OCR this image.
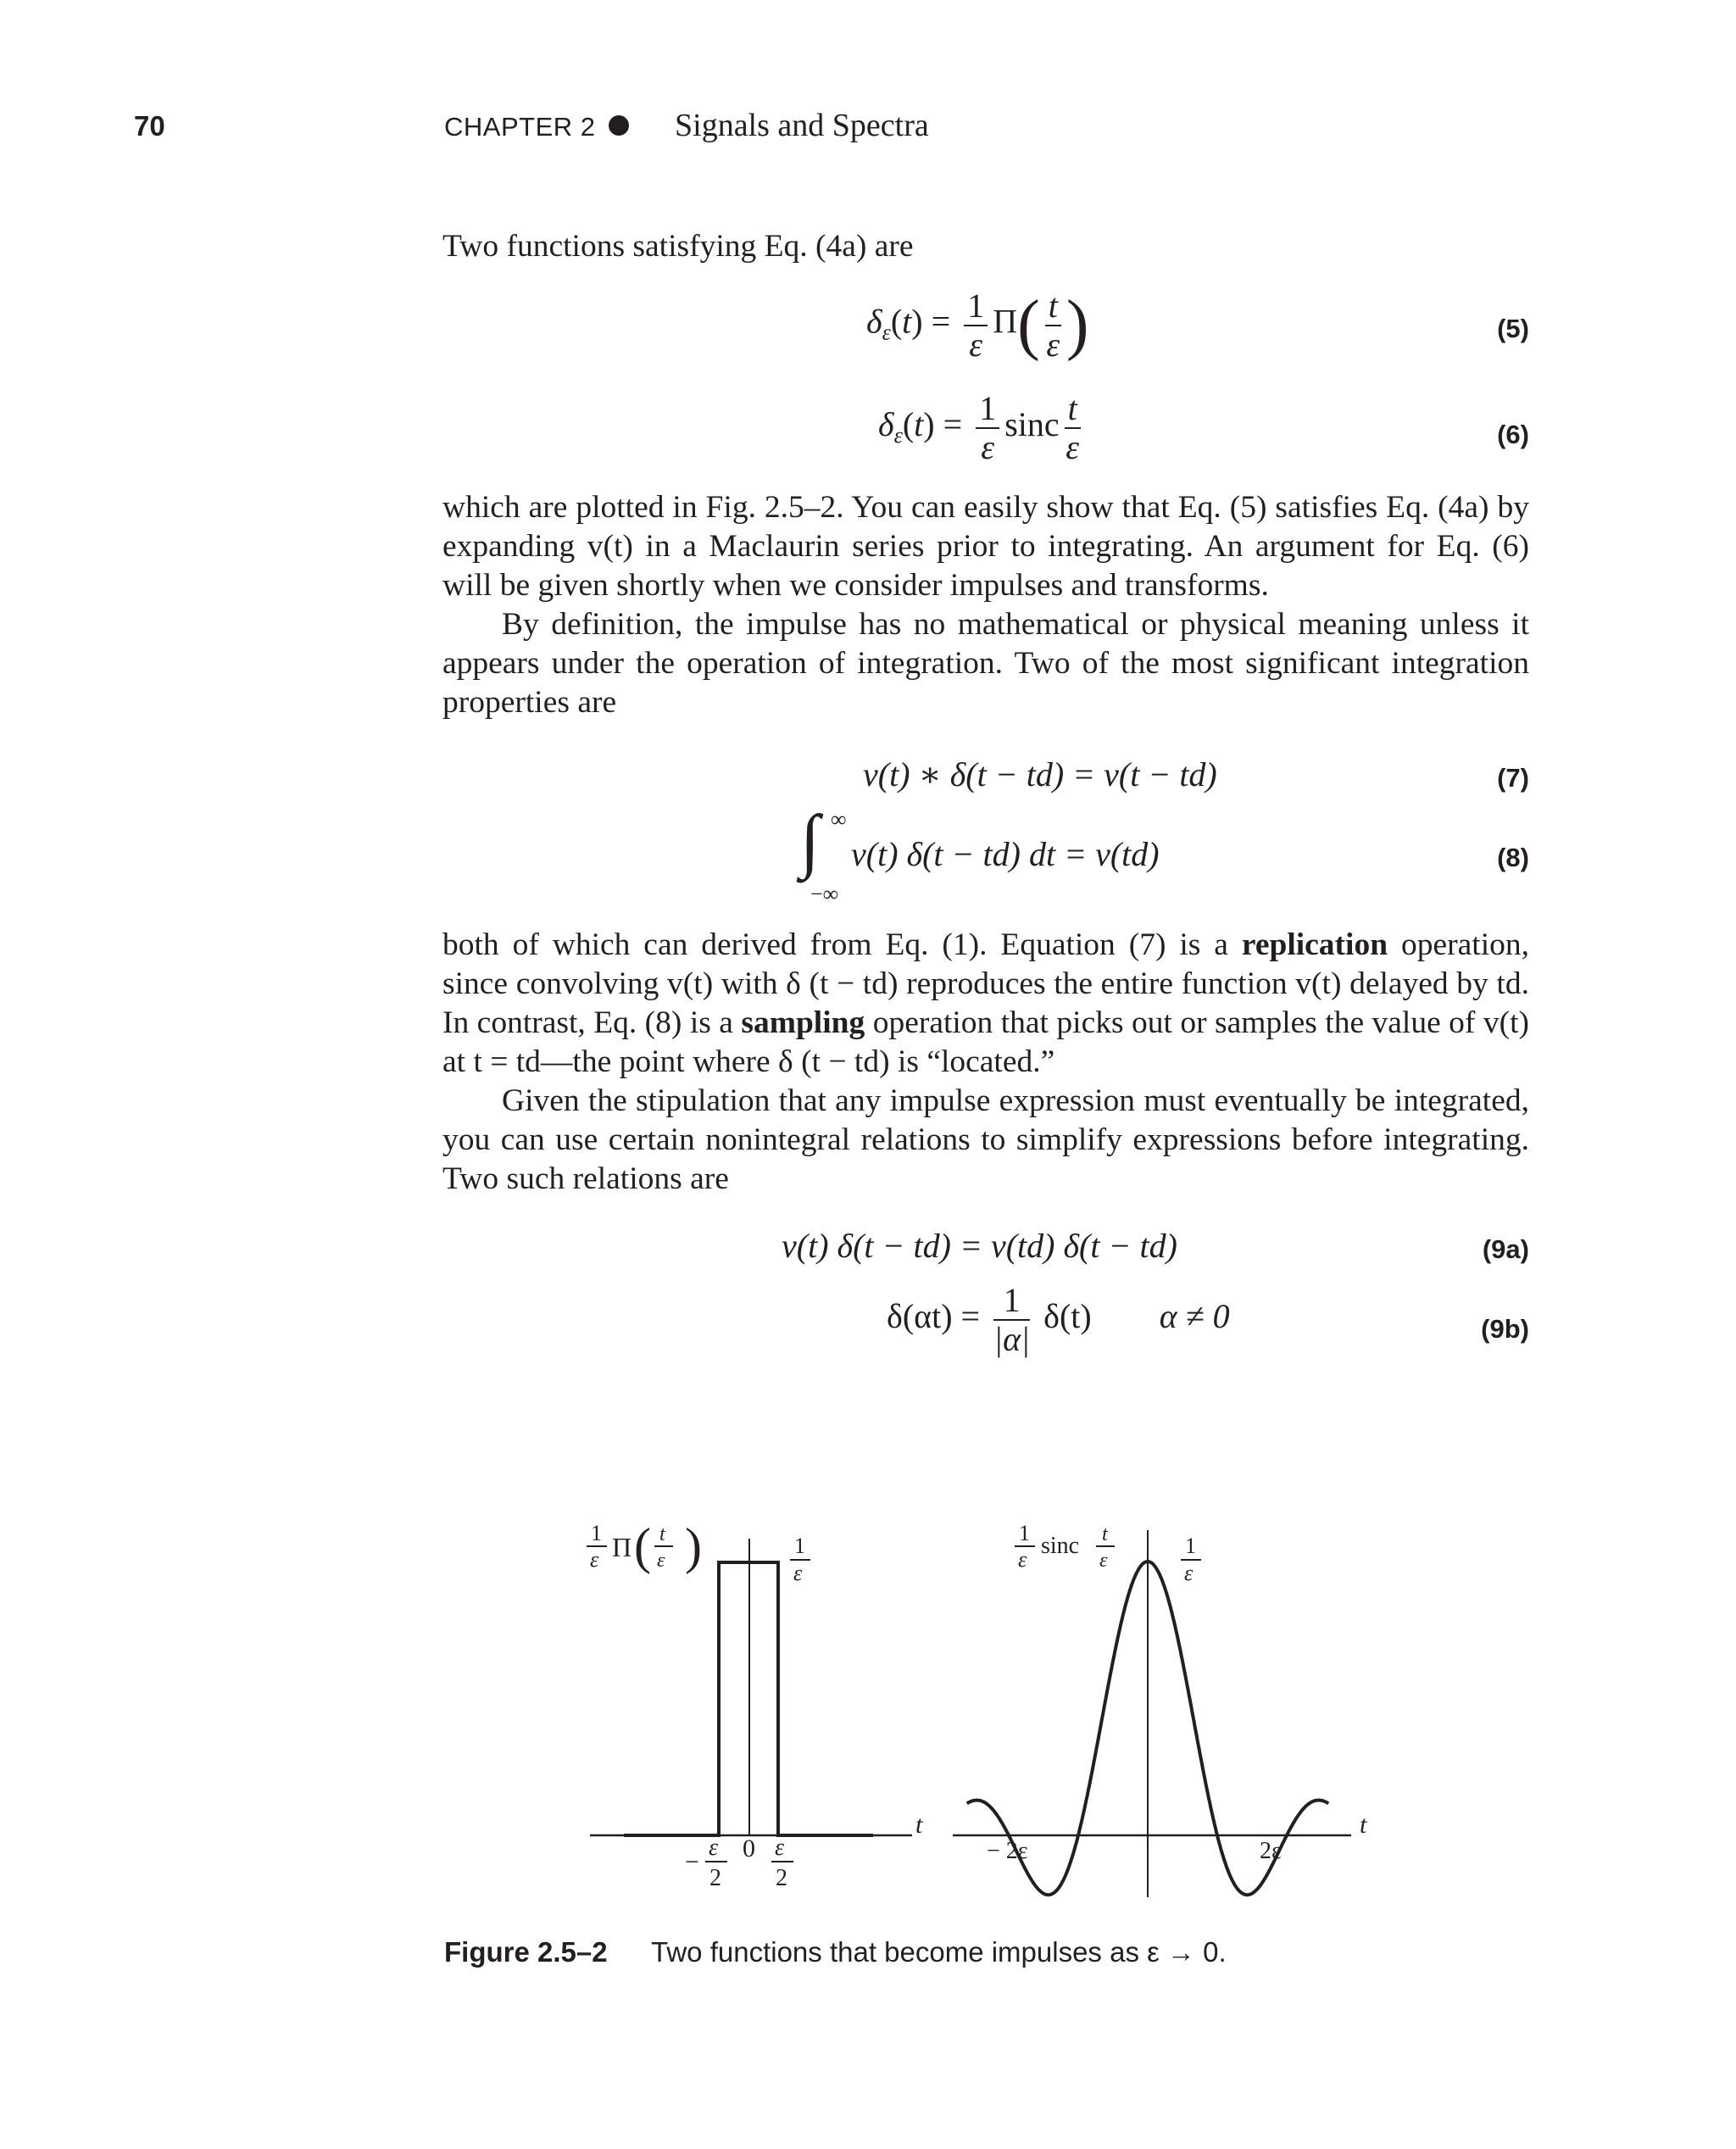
70	CHAPTER 2 Signals and Spectra

Two functions satisfying Eq. (4a) are

$\delta_\varepsilon(t) = \frac{1}{\varepsilon} \Pi( \frac{t}{\varepsilon}$ )	(5)
$\delta_\varepsilon(t) = \frac{1}{\varepsilon}$ sinc $\frac{t}{\varepsilon}$	(6)

which are plotted in Fig. 2.5–2. You can easily show that Eq. (5) satisfies Eq. (4a) by expanding v(t) in a Maclaurin series prior to integrating. An argument for Eq. (6) will be given shortly when we consider impulses and transforms.

By definition, the impulse has no mathematical or physical meaning unless it appears under the operation of integration. Two of the most significant integration properties are

v(t) ∗ δ(t − td) = v(t − td)	(7)
∫ ∞
−∞
v(t) δ(t − td) dt = v(td)	(8)

both of which can derived from Eq. (1). Equation (7) is a replication operation, since convolving v(t) with δ (t − td) reproduces the entire function v(t) delayed by td. In contrast, Eq. (8) is a sampling operation that picks out or samples the value of v(t) at t = td—the point where δ (t − td) is “located.”

Given the stipulation that any impulse expression must eventually be integrated, you can use certain nonintegral relations to simplify expressions before integrating. Two such relations are

v(t) δ(t − td) = v(td) δ(t − td)	(9a)
$\delta(\alpha t) = \frac{1}{|\alpha|} \delta(t) \alpha \ne 0$	(9b)
t
1
ε Π ( t
ε )	1
ε
−
ε
2
0 ε
2
t
1
ε
sinc t
ε
1
ε
− 2ε	2ε
Figure 2.5–2 Two functions that become impulses as ε → 0.
